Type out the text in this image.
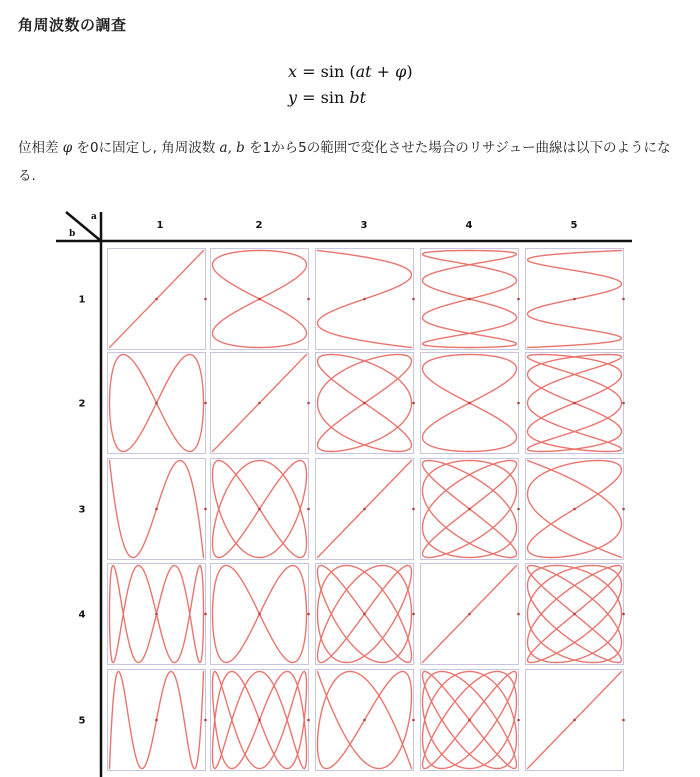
角周波数の調査
x = sin (at + φ)
y = sin bt
位相差 φ を0に固定し, 角周波数 a, b を1から5の範囲で変化させた場合のリサジュー曲線は以下のようになる.
1	2	3	4	5
1
2
3
4
5
a
b
